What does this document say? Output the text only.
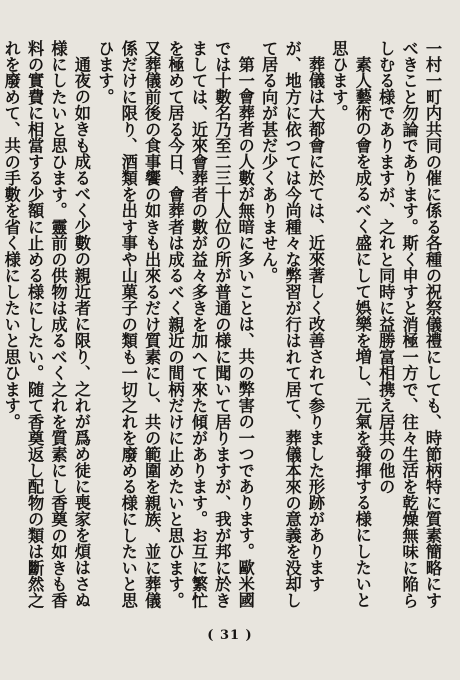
一村一町内共同の催に係る各種の祝祭儀禮にしても、時節柄特に質素簡略にすべきこと勿論であります。斯く申すと消極一方で、往々生活を乾燥無味に陥らしむる様でありますが、之れと同時に益勝富相携え居共の他の

素人藝術の會を成るべく盛にして娯樂を増し、元氣を發揮する様にしたいと思ひます。

葬儀は大都會に於ては、近來著しく改善されて参りました形跡がありますが、地方に依つては今尚種々な弊習が行はれて居て、葬儀本來の意義を没却して居る向が甚だ少くありません。

第一會葬者の人數が無暗に多いことは、共の弊害の一つであります。歐米國では十數名乃至二三十人位の所が普通の様に聞いて居りますが、我が邦に於きましては、近來會葬者の數が益々多きを加へて來た傾があります。お互に繁忙を極めて居る今日、會葬者は成るべく親近の間柄だけに止めたいと思ひます。又葬儀前後の食事饗の如きも出來るだけ質素にし、共の範圍を親族、並に葬儀係だけに限り、酒類を出す事や山菓子の類も一切之れを廢める様にしたいと思ひます。

通夜の如きも成るべく少數の親近者に限り、之れが爲め徒に喪家を煩はさぬ様にしたいと思ひます。靈前の供物は成るべく之れを質素にし香奠の如きも香料の實費に相當する少額に止める様にしたい。随て香奠返し配物の類は斷然之れを廢めて、共の手數を省く様にしたいと思ひます。

( 31 )
